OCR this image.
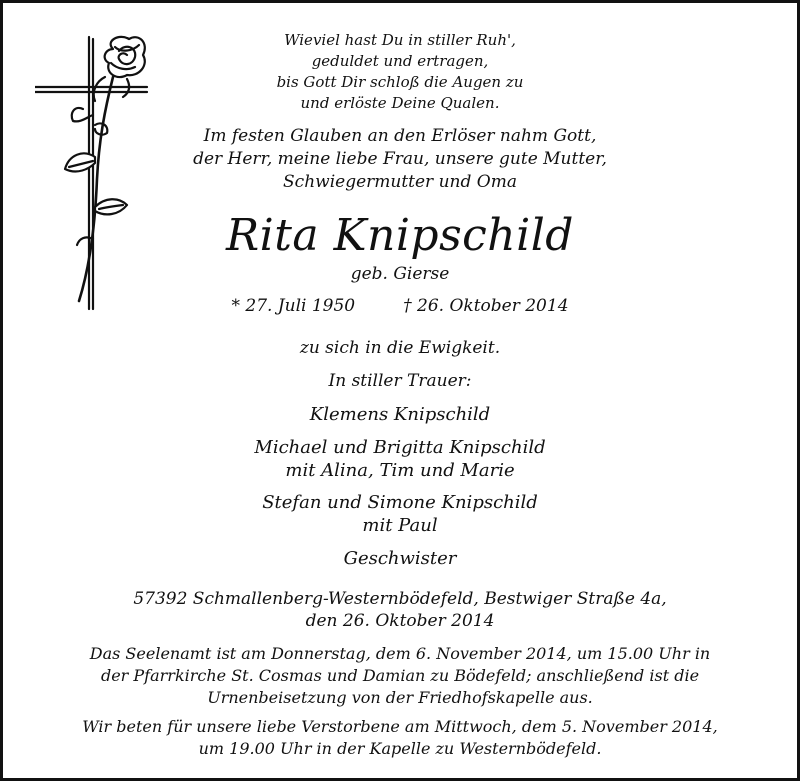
Wieviel hast Du in stiller Ruh',
geduldet und ertragen,
bis Gott Dir schloß die Augen zu
und erlöste Deine Qualen.
Im festen Glauben an den Erlöser nahm Gott,
der Herr, meine liebe Frau, unsere gute Mutter,
Schwiegermutter und Oma
Rita Knipschild
geb. Gierse
* 27. Juli 1950	† 26. Oktober 2014
zu sich in die Ewigkeit.
In stiller Trauer:
Klemens Knipschild
Michael und Brigitta Knipschild
mit Alina, Tim und Marie
Stefan und Simone Knipschild
mit Paul
Geschwister
57392 Schmallenberg-Westernbödefeld, Bestwiger Straße 4a,
den 26. Oktober 2014
Das Seelenamt ist am Donnerstag, dem 6. November 2014, um 15.00 Uhr in
der Pfarrkirche St. Cosmas und Damian zu Bödefeld; anschließend ist die
Urnenbeisetzung von der Friedhofskapelle aus.
Wir beten für unsere liebe Verstorbene am Mittwoch, dem 5. November 2014,
um 19.00 Uhr in der Kapelle zu Westernbödefeld.
